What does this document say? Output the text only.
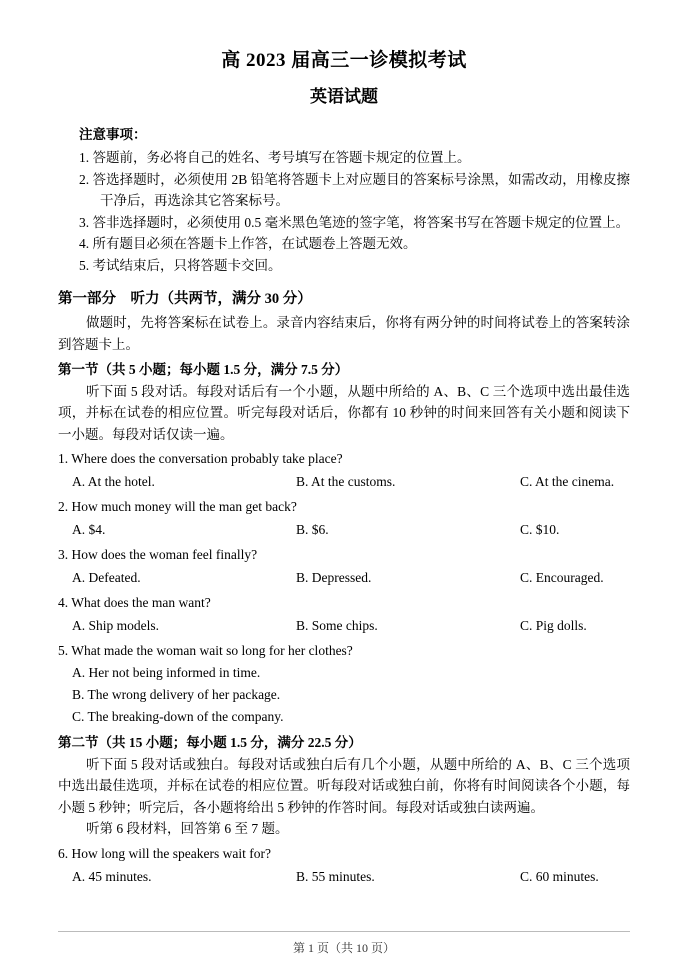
高 2023 届高三一诊模拟考试
英语试题
注意事项：
1. 答题前，务必将自己的姓名、考号填写在答题卡规定的位置上。
2. 答选择题时，必须使用 2B 铅笔将答题卡上对应题目的答案标号涂黑，如需改动，用橡皮擦干净后，再选涂其它答案标号。
3. 答非选择题时，必须使用 0.5 毫米黑色笔迹的签字笔，将答案书写在答题卡规定的位置上。
4. 所有题目必须在答题卡上作答，在试题卷上答题无效。
5. 考试结束后，只将答题卡交回。
第一部分　听力（共两节，满分 30 分）
做题时，先将答案标在试卷上。录音内容结束后，你将有两分钟的时间将试卷上的答案转涂到答题卡上。
第一节（共 5 小题；每小题 1.5 分，满分 7.5 分）
听下面 5 段对话。每段对话后有一个小题，从题中所给的 A、B、C 三个选项中选出最佳选项，并标在试卷的相应位置。听完每段对话后，你都有 10 秒钟的时间来回答有关小题和阅读下一小题。每段对话仅读一遍。
1. Where does the conversation probably take place?
A. At the hotel.	B. At the customs.	C. At the cinema.
2. How much money will the man get back?
A. $4.	B. $6.	C. $10.
3. How does the woman feel finally?
A. Defeated.	B. Depressed.	C. Encouraged.
4. What does the man want?
A. Ship models.	B. Some chips.	C. Pig dolls.
5. What made the woman wait so long for her clothes?
A. Her not being informed in time.
B. The wrong delivery of her package.
C. The breaking-down of the company.
第二节（共 15 小题；每小题 1.5 分，满分 22.5 分）
听下面 5 段对话或独白。每段对话或独白后有几个小题，从题中所给的 A、B、C 三个选项中选出最佳选项，并标在试卷的相应位置。听每段对话或独白前，你将有时间阅读各个小题，每小题 5 秒钟；听完后，各小题将给出 5 秒钟的作答时间。每段对话或独白读两遍。
听第 6 段材料，回答第 6 至 7 题。
6. How long will the speakers wait for?
A. 45 minutes.	B. 55 minutes.	C. 60 minutes.
第 1 页（共 10 页）
